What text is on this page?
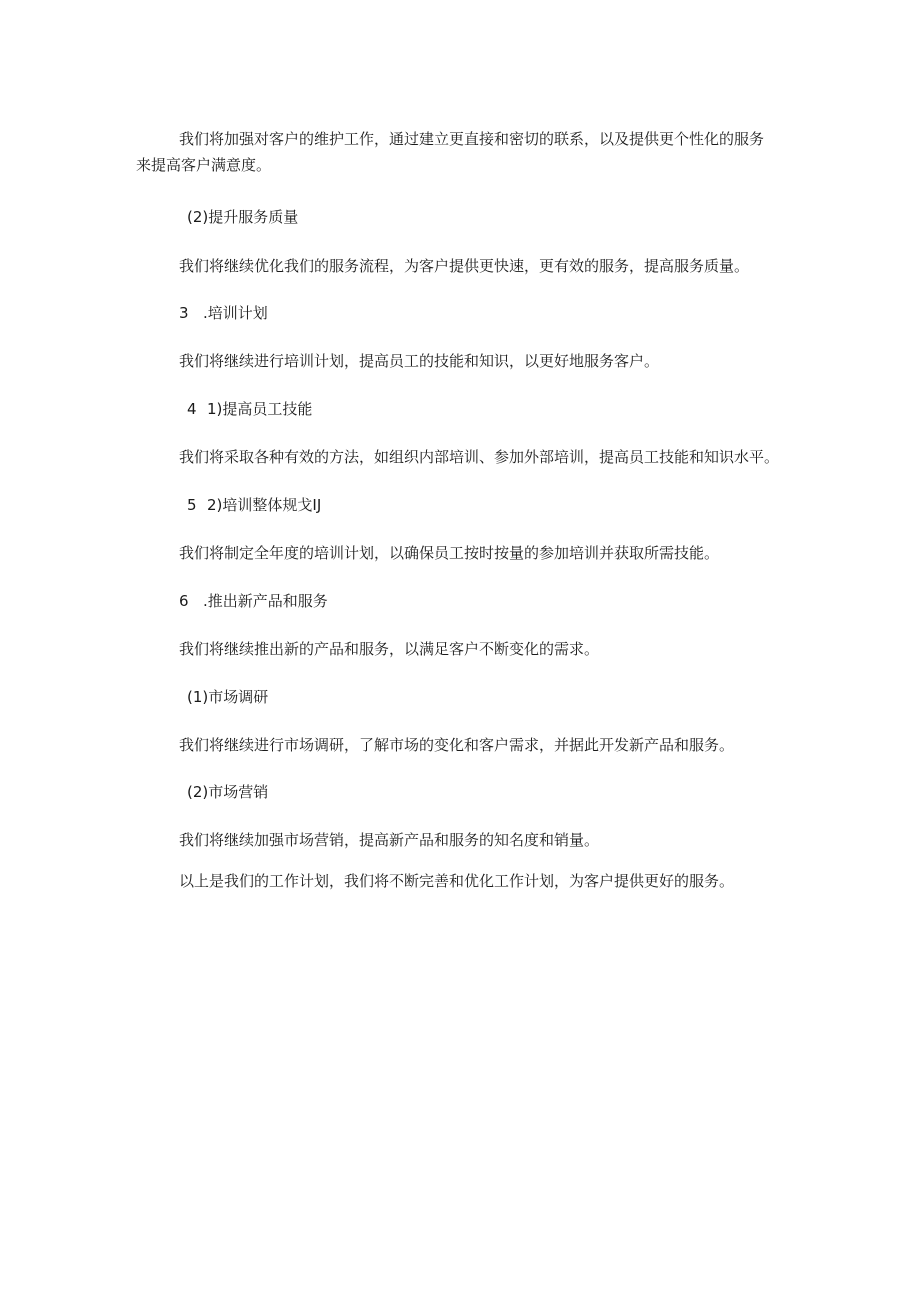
我们将加强对客户的维护工作，通过建立更直接和密切的联系，以及提供更个性化的服务
来提高客户满意度。

(2)提升服务质量

我们将继续优化我们的服务流程，为客户提供更快速，更有效的服务，提高服务质量。

3 .培训计划

我们将继续进行培训计划，提高员工的技能和知识，以更好地服务客户。

4 1)提高员工技能

我们将采取各种有效的方法，如组织内部培训、参加外部培训，提高员工技能和知识水平。

5 2)培训整体规戈IJ

我们将制定全年度的培训计划，以确保员工按时按量的参加培训并获取所需技能。

6 .推出新产品和服务

我们将继续推出新的产品和服务，以满足客户不断变化的需求。

(1)市场调研

我们将继续进行市场调研，了解市场的变化和客户需求，并据此开发新产品和服务。

(2)市场营销

我们将继续加强市场营销，提高新产品和服务的知名度和销量。

以上是我们的工作计划，我们将不断完善和优化工作计划，为客户提供更好的服务。
